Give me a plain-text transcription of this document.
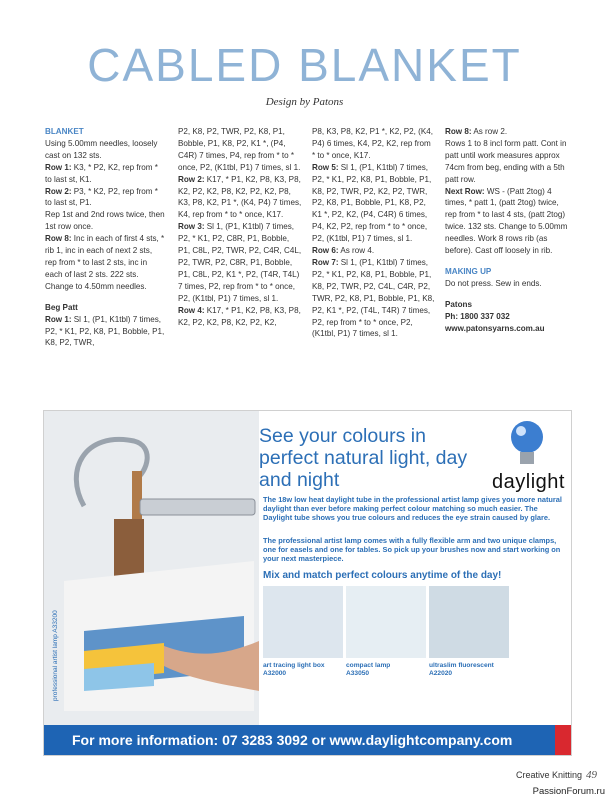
CABLED BLANKET
Design by Patons

BLANKET

Using 5.00mm needles, loosely cast on 132 sts.

Row 1: K3, * P2, K2, rep from * to last st, K1.

Row 2: P3, * K2, P2, rep from * to last st, P1.

Rep 1st and 2nd rows twice, then 1st row once.

Row 8: Inc in each of first 4 sts, * rib 1, inc in each of next 2 sts, rep from * to last 2 sts, inc in each of last 2 sts. 222 sts.

Change to 4.50mm needles.

Beg Patt

Row 1: Sl 1, (P1, K1tbl) 7 times, P2, * K1, P2, K8, P1, Bobble, P1, K8, P2, TWR,

P2, K8, P2, TWR, P2, K8, P1, Bobble, P1, K8, P2, K1 *, (P4, C4R) 7 times, P4, rep from * to * once, P2, (K1tbl, P1) 7 times, sl 1.

Row 2: K17, * P1, K2, P8, K3, P8, K2, P2, K2, P8, K2, P2, K2, P8, K3, P8, K2, P1 *, (K4, P4) 7 times, K4, rep from * to * once, K17.

Row 3: Sl 1, (P1, K1tbl) 7 times, P2, * K1, P2, C8R, P1, Bobble, P1, C8L, P2, TWR, P2, C4R, C4L, P2, TWR, P2, C8R, P1, Bobble, P1, C8L, P2, K1 *, P2, (T4R, T4L) 7 times, P2, rep from * to * once, P2, (K1tbl, P1) 7 times, sl 1.

Row 4: K17, * P1, K2, P8, K3, P8, K2, P2, K2, P8, K2, P2, K2,

P8, K3, P8, K2, P1 *, K2, P2, (K4, P4) 6 times, K4, P2, K2, rep from * to * once, K17.

Row 5: Sl 1, (P1, K1tbl) 7 times, P2, * K1, P2, K8, P1, Bobble, P1, K8, P2, TWR, P2, K2, P2, TWR, P2, K8, P1, Bobble, P1, K8, P2, K1 *, P2, K2, (P4, C4R) 6 times, P4, K2, P2, rep from * to * once, P2, (K1tbl, P1) 7 times, sl 1.

Row 6: As row 4.

Row 7: Sl 1, (P1, K1tbl) 7 times, P2, * K1, P2, K8, P1, Bobble, P1, K8, P2, TWR, P2, C4L, C4R, P2, TWR, P2, K8, P1, Bobble, P1, K8, P2, K1 *, P2, (T4L, T4R) 7 times, P2, rep from * to * once, P2, (K1tbl, P1) 7 times, sl 1.

Row 8: As row 2.

Rows 1 to 8 incl form patt. Cont in patt until work measures approx 74cm from beg, ending with a 5th patt row.

Next Row: WS - (Patt 2tog) 4 times, * patt 1, (patt 2tog) twice, rep from * to last 4 sts, (patt 2tog) twice. 132 sts. Change to 5.00mm needles. Work 8 rows rib (as before). Cast off loosely in rib.

MAKING UP

Do not press. Sew in ends.

Patons

Ph: 1800 337 032

www.patonsyarns.com.au

professional artist lamp A33200
See your colours in perfect natural light, day and night	daylight
The 18w low heat daylight tube in the professional artist lamp gives you more natural daylight than ever before making perfect colour matching so much easier. The Daylight tube shows you true colours and reduces the eye strain caused by glare.
The professional artist lamp comes with a fully flexible arm and two unique clamps, one for easels and one for tables. So pick up your brushes now and start working on your next masterpiece.
Mix and match perfect colours anytime of the day!
art tracing light box
A32000
compact lamp
A33050
ultraslim fluorescent
A22020
For more information: 07 3283 3092 or www.daylightcompany.com
Creative Knitting 49
PassionForum.ru
